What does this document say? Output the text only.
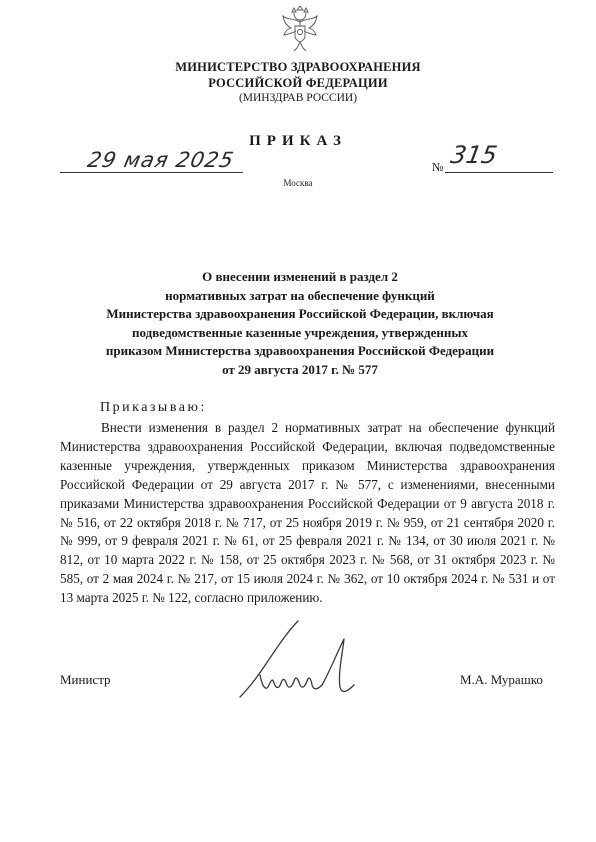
МИНИСТЕРСТВО ЗДРАВООХРАНЕНИЯ
РОССИЙСКОЙ ФЕДЕРАЦИИ
(МИНЗДРАВ РОССИИ)
ПРИКАЗ
29 мая 2025	№ 315
Москва
О внесении изменений в раздел 2
нормативных затрат на обеспечение функций
Министерства здравоохранения Российской Федерации, включая
подведомственные казенные учреждения, утвержденных
приказом Министерства здравоохранения Российской Федерации
от 29 августа 2017 г. № 577
Приказываю:
Внести изменения в раздел 2 нормативных затрат на обеспечение функций Министерства здравоохранения Российской Федерации, включая подведомственные казенные учреждения, утвержденных приказом Министерства здравоохранения Российской Федерации от 29 августа 2017 г. № 577, с изменениями, внесенными приказами Министерства здравоохранения Российской Федерации от 9 августа 2018 г. № 516, от 22 октября 2018 г. № 717, от 25 ноября 2019 г. № 959, от 21 сентября 2020 г. № 999, от 9 февраля 2021 г. № 61, от 25 февраля 2021 г. № 134, от 30 июля 2021 г. № 812, от 10 марта 2022 г. № 158, от 25 октября 2023 г. № 568, от 31 октября 2023 г. № 585, от 2 мая 2024 г. № 217, от 15 июля 2024 г. № 362, от 10 октября 2024 г. № 531 и от 13 марта 2025 г. № 122, согласно приложению.
Министр	М.А. Мурашко
